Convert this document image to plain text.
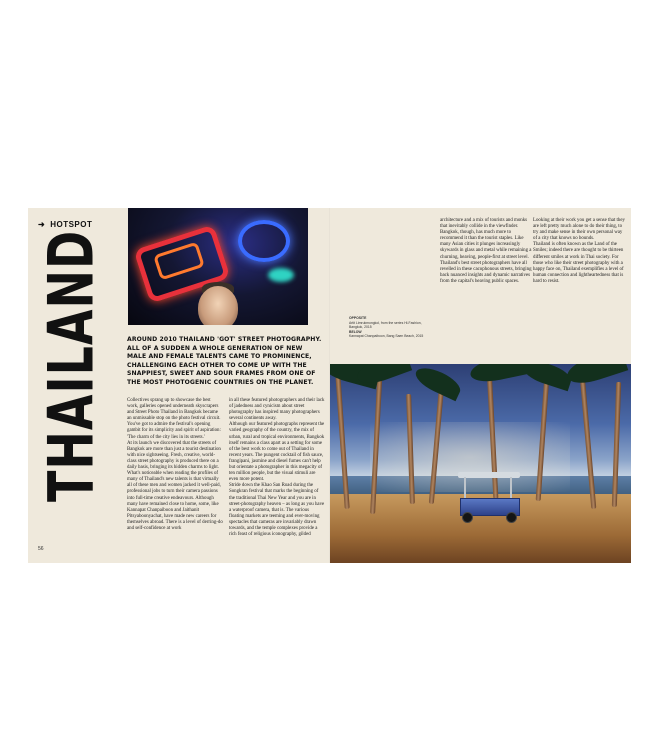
➜ HOTSPOT
THAILAND	AROUND 2010 THAILAND 'GOT' STREET PHOTOGRAPHY. ALL OF A SUDDEN A WHOLE GENERATION OF NEW MALE AND FEMALE TALENTS CAME TO PROMINENCE, CHALLENGING EACH OTHER TO COME UP WITH THE SNAPPIEST, SWEET AND SOUR FRAMES FROM ONE OF THE MOST PHOTOGENIC COUNTRIES ON THE PLANET.

Collectives sprang up to showcase the best work, galleries opened underneath skyscrapers and Street Photo Thailand in Bangkok became an unmissable stop on the photo festival circuit. You've got to admire the festival's opening gambit for its simplicity and spirit of aspiration: 'The charm of the city lies in its streets.'

At its launch we discovered that the streets of Bangkok are more than just a tourist destination with nice sightseeing. Fresh, creative, world-class street photography is produced there on a daily basis, bringing its hidden charms to light.

What's noticeable when reading the profiles of many of Thailand's new talents is that virtually all of these men and women jacked it well-paid, professional jobs to turn their camera passions into full-time creative endeavours. Although many have remained close to home, some, like Kannapat Chanpaiboon and Jaithanit Pitsyaboonyachat, have made new careers for themselves abroad. There is a level of derring-do and self-confidence at work

in all these featured photographers and their lack of jadedness and cynicism about street photography has inspired many photographers several continents away.

Although our featured photographs represent the varied geography of the country, the mix of urban, rural and tropical environments, Bangkok itself remains a class apart as a setting for some of the best work to come out of Thailand in recent years. The pungent cocktail of fish sauce, frangipani, jasmine and diesel fumes can't help but orientate a photographer in this megacity of ten million people, but the visual stimuli are even more potent.

Stride down the Khao San Road during the Songkran festival that marks the beginning of the traditional Thai New Year and you are in street-photography heaven – as long as you have a waterproof camera, that is. The various floating markets are teeming and ever-moving spectacles that cameras are invariably drawn towards, and the temple complexes provide a rich feast of religious iconography, gilded

56

architecture and a mix of tourists and monks that inevitably collide in the viewfinder.

Bangkok, though, has much more to recommend it than the tourist staples. Like many Asian cities it plunges increasingly skywards in glass and metal while remaining a churning, heaving, people-first at street level. Thailand's best street photographers have all revelled in these cacophonous streets, bringing back nuanced insights and dynamic narratives from the capital's heaving public spaces.

Looking at their work you get a sense that they are left pretty much alone to do their thing, to try and make sense in their own personal way of a city that knows no bounds.

Thailand is often known as the Land of the Smiles; indeed there are thought to be thirteen different smiles at work in Thai society. For those who like their street photography with a happy face on, Thailand exemplifies a level of human connection and lightheartedness that is hard to resist.

OPPOSITE
Artit Limrukmongkol, from the series Hi-Fashion, Bangkok, 2015
BELOW
Kannapat Chanpaiboon, Bang Saen Beach, 2015
